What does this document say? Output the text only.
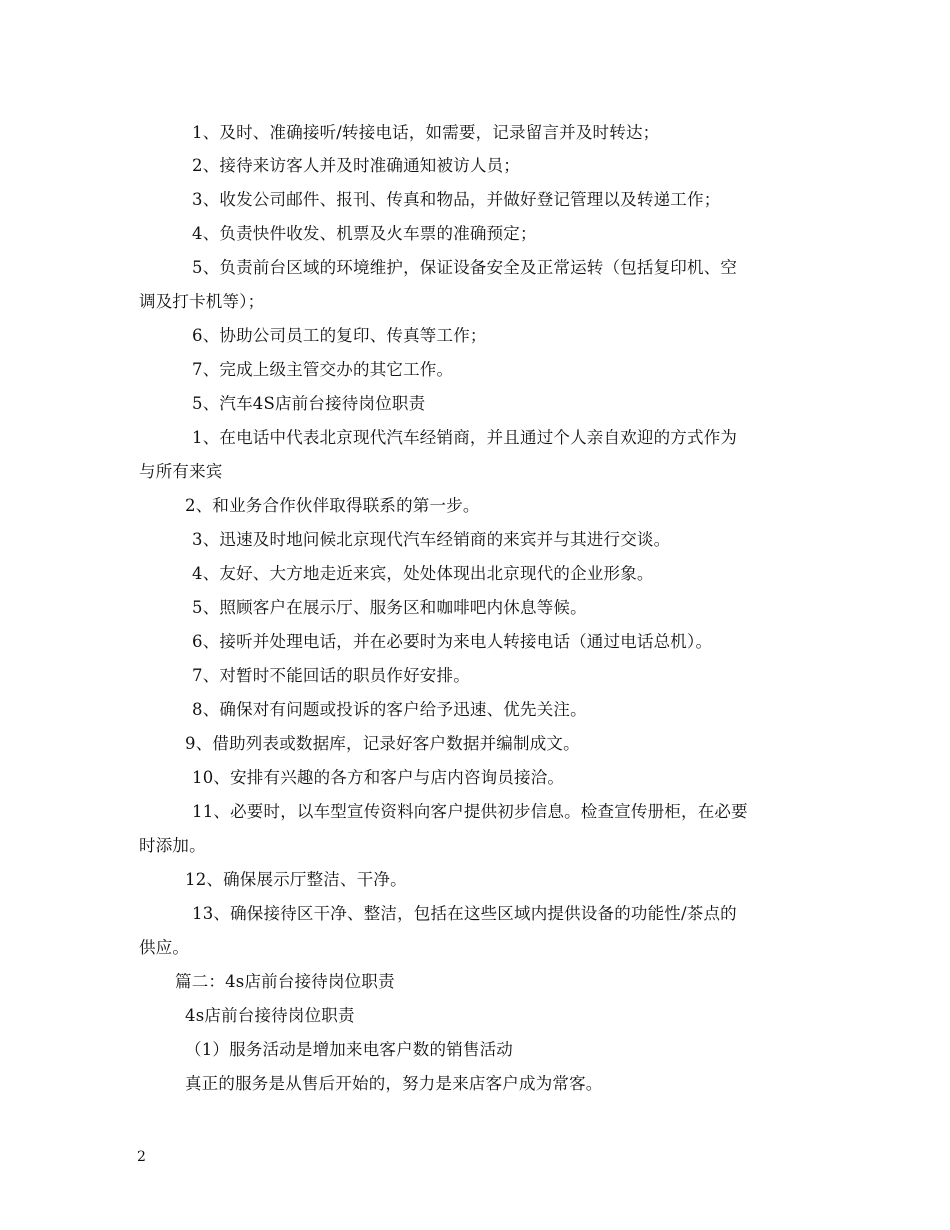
1、及时、准确接听/转接电话，如需要，记录留言并及时转达；
2、接待来访客人并及时准确通知被访人员；
3、收发公司邮件、报刊、传真和物品，并做好登记管理以及转递工作；
4、负责快件收发、机票及火车票的准确预定；
5、负责前台区域的环境维护，保证设备安全及正常运转（包括复印机、空
调及打卡机等）；
6、协助公司员工的复印、传真等工作；
7、完成上级主管交办的其它工作。
5、汽车4S店前台接待岗位职责
1、在电话中代表北京现代汽车经销商，并且通过个人亲自欢迎的方式作为
与所有来宾
2、和业务合作伙伴取得联系的第一步。
3、迅速及时地问候北京现代汽车经销商的来宾并与其进行交谈。
4、友好、大方地走近来宾，处处体现出北京现代的企业形象。
5、照顾客户在展示厅、服务区和咖啡吧内休息等候。
6、接听并处理电话，并在必要时为来电人转接电话（通过电话总机）。
7、对暂时不能回话的职员作好安排。
8、确保对有问题或投诉的客户给予迅速、优先关注。
9、借助列表或数据库，记录好客户数据并编制成文。
10、安排有兴趣的各方和客户与店内咨询员接洽。
11、必要时，以车型宣传资料向客户提供初步信息。检查宣传册柜，在必要
时添加。
12、确保展示厅整洁、干净。
13、确保接待区干净、整洁，包括在这些区域内提供设备的功能性/茶点的
供应。
篇二：4s店前台接待岗位职责
4s店前台接待岗位职责
（1）服务活动是增加来电客户数的销售活动
真正的服务是从售后开始的，努力是来店客户成为常客。
2
